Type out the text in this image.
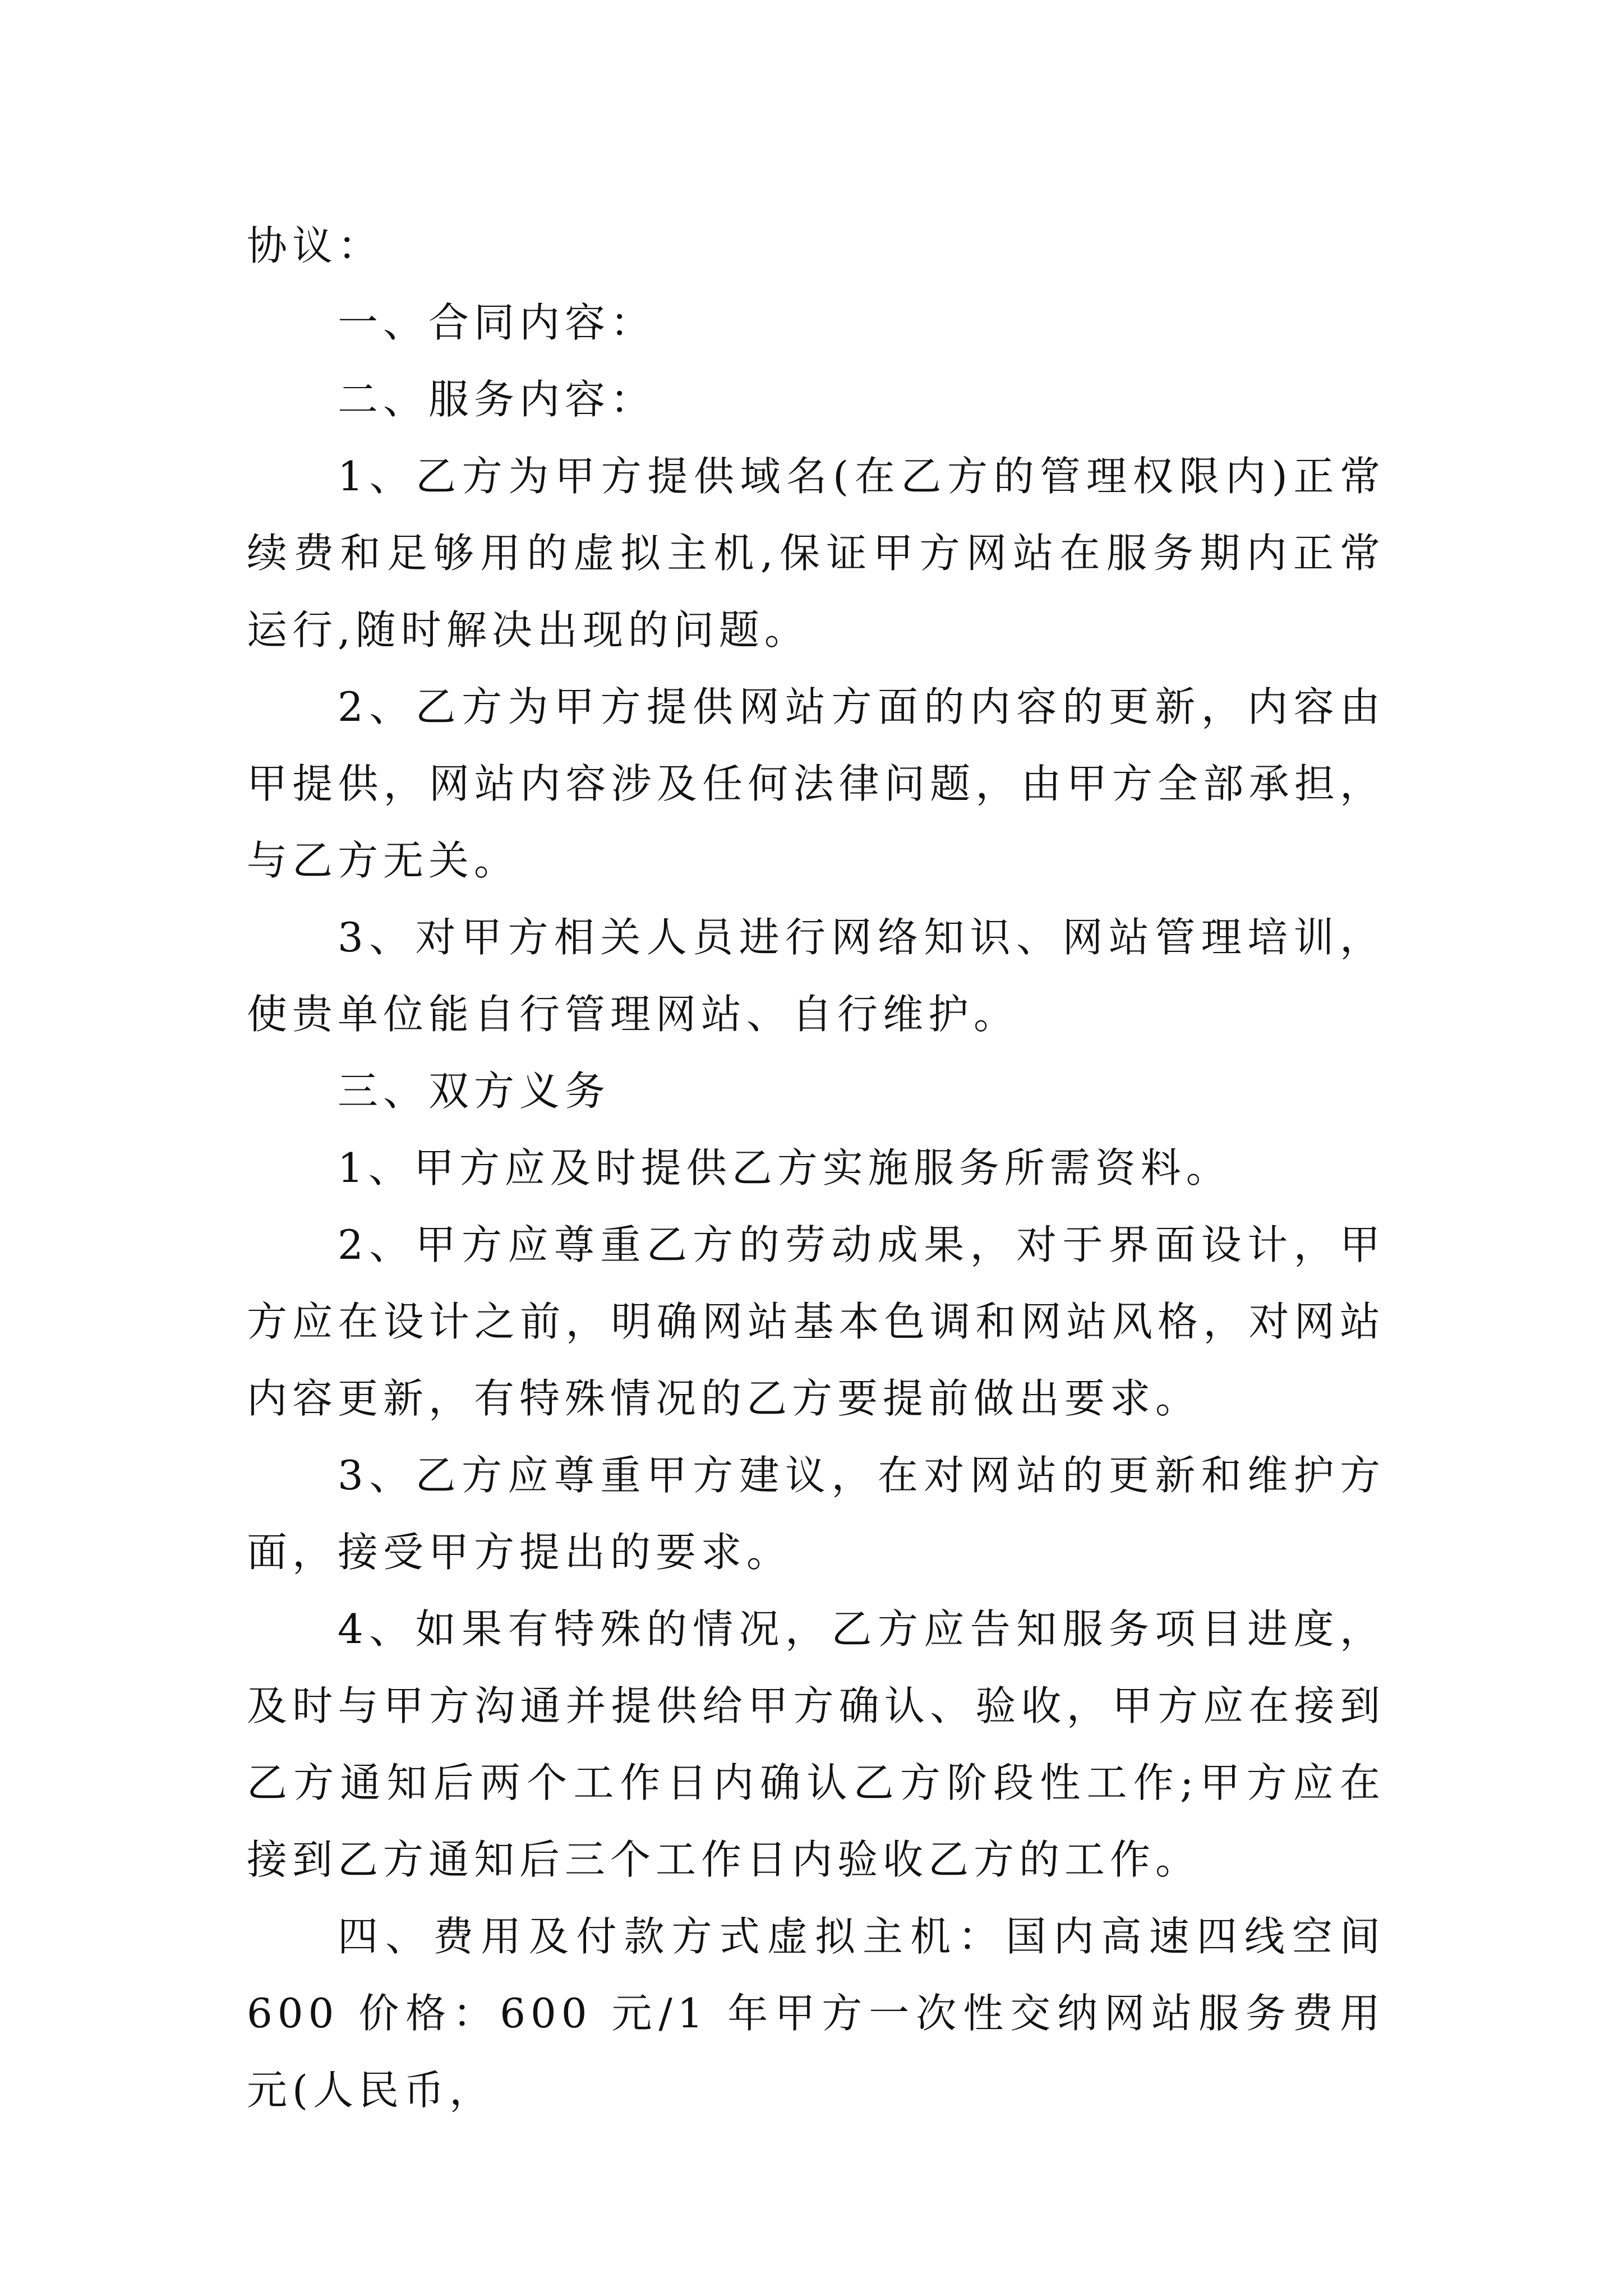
协议：

一、合同内容：

二、服务内容：

1、乙方为甲方提供域名(在乙方的管理权限内)正常续费和足够用的虚拟主机,保证甲方网站在服务期内正常运行,随时解决出现的问题。

2、乙方为甲方提供网站方面的内容的更新，内容由甲提供，网站内容涉及任何法律问题，由甲方全部承担，与乙方无关。

3、对甲方相关人员进行网络知识、网站管理培训，使贵单位能自行管理网站、自行维护。

三、双方义务

1、甲方应及时提供乙方实施服务所需资料。

2、甲方应尊重乙方的劳动成果，对于界面设计，甲方应在设计之前，明确网站基本色调和网站风格，对网站内容更新，有特殊情况的乙方要提前做出要求。

3、乙方应尊重甲方建议，在对网站的更新和维护方面，接受甲方提出的要求。

4、如果有特殊的情况，乙方应告知服务项目进度，及时与甲方沟通并提供给甲方确认、验收，甲方应在接到乙方通知后两个工作日内确认乙方阶段性工作;甲方应在接到乙方通知后三个工作日内验收乙方的工作。

四、费用及付款方式虚拟主机：国内高速四线空间 600 价格：600 元/1 年甲方一次性交纳网站服务费用元(人民币，
